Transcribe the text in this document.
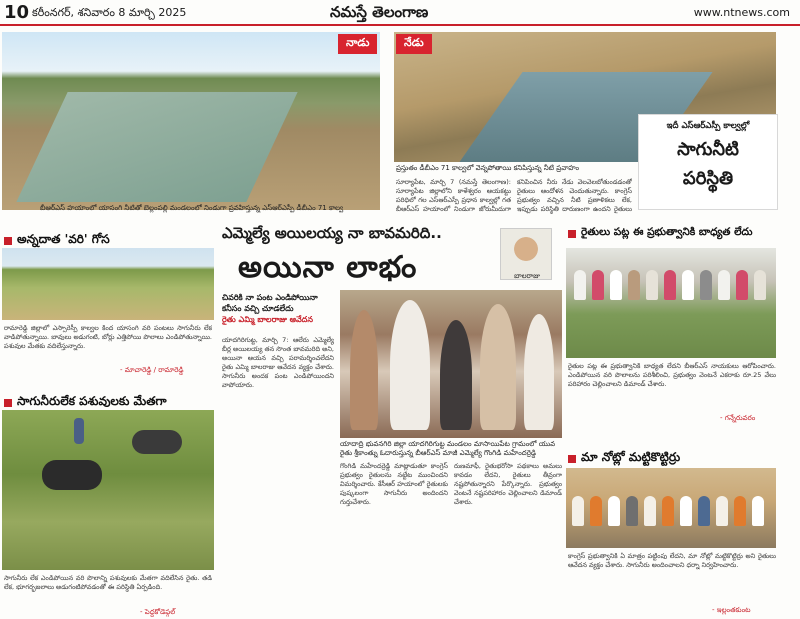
10 కరీంనగర్, శనివారం 8 మార్చి 2025	నమస్తే తెలంగాణ	www.ntnews.com
నాడు
బీఆర్ఎస్ హయాంలో యాసంగి నీటితో బెల్లంపల్లి మండలంలో నిండుగా ప్రవహిస్తున్న ఎస్ఆర్ఎస్పీ డీబీఎం 71 కాల్వ
నేడు
ప్రస్తుతం డీబీఎం 71 కాల్వలో వెన్నపోతాయి కనిపిస్తున్న నీటి ప్రవాహం
సూర్యాపేట, మార్చి 7 (నమస్తే తెలంగాణ): సూర్యాపేట జిల్లాలోని కాళేశ్వరం ఆయకట్టు పరిధిలో గల ఎస్ఆర్ఎస్పీ ప్రధాన కాల్వల్లో గత బీఆర్ఎస్ హయాంలో నిండుగా జోరుమీదుగా కనిపించిన నీరు నేడు వెలవెలబోతుండడంతో రైతులు ఆందోళన చెందుతున్నారు. కాంగ్రెస్ ప్రభుత్వం వచ్చిన నీటి ప్రణాళికలు లేక, ఇప్పుడు పరిస్థితి దారుణంగా ఉందని రైతులు
ఇదీ ఎస్ఆర్ఎస్పీ కాల్వల్లో
సాగునీటి
పరిస్థితి
అన్నదాత 'వరి' గోస
రామారెడ్డి జిల్లాలో ఎస్సారెస్పీ కాల్వల కింద యాసంగి వరి పంటలు సాగునీరు లేక వాడిపోతున్నాయి. బావులు అడుగంటి, బోర్లు ఎత్తిపోయి పొలాలు ఎండిపోతున్నాయి. పశువుల మేతకు వదిలేస్తున్నారు.
- మాచారెడ్డి / రామారెడ్డి
సాగునీరులేక పశువులకు మేతగా
సాగునీరు లేక ఎండిపోయిన వరి పొలాన్ని పశువులకు మేతగా వదిలేసిన రైతు. తడి లేక, భూగర్భజలాలు అడుగంటిపోవడంతో ఈ పరిస్థితి ఏర్పడింది.
- పెద్దకోడెప్గల్
ఎమ్మెల్యే అయిలయ్య నా బావమరిది..
అయినా లాభం	బాలరాజు
చివరికి నా పంట ఎండిపోయినా
కనీసం వచ్చి చూడలేదు
రైతు ఎమ్మి బాలరాజు ఆవేదన
యాదగిరిగుట్ట, మార్చి 7: ఆలేరు ఎమ్మెల్యే బీర్ల అయిలయ్య తన సొంత బావమరిది అని, అయినా ఆయన వచ్చి పరామర్శించలేదని రైతు ఎమ్మి బాలరాజు ఆవేదన వ్యక్తం చేశారు. సాగునీరు అందక పంట ఎండిపోయిందని వాపోయారు.
యాదాద్రి భువనగిరి జిల్లా యాదగిరిగుట్ట మండలం మాసాయిపేట గ్రామంలో యువ రైతు శ్రీకాంత్ను ఓదారుస్తున్న బీఆర్ఎస్ మాజీ ఎమ్మెల్యే గొంగిడి మహేందర్రెడ్డి
గొంగిడి మహేందర్రెడ్డి మాట్లాడుతూ కాంగ్రెస్ ప్రభుత్వం రైతులను నట్టేట ముంచిందని విమర్శించారు. కేసీఆర్ హయాంలో రైతులకు పుష్కలంగా సాగునీరు అందిందని గుర్తుచేశారు.
రుణమాఫీ, రైతుభరోసా పథకాలు అమలు కావడం లేదని, రైతులు తీవ్రంగా నష్టపోతున్నారని పేర్కొన్నారు. ప్రభుత్వం వెంటనే నష్టపరిహారం చెల్లించాలని డిమాండ్ చేశారు.
రైతులు పట్ల ఈ ప్రభుత్వానికి బాధ్యత లేదు
రైతుల పట్ల ఈ ప్రభుత్వానికి బాధ్యత లేదని బీఆర్ఎస్ నాయకులు ఆరోపించారు. ఎండిపోయిన వరి పొలాలను పరిశీలించి, ప్రభుత్వం వెంటనే ఎకరాకు రూ.25 వేలు పరిహారం చెల్లించాలని డిమాండ్ చేశారు.
- గన్నేరువరం
మా నోట్లో మట్టికొట్టిర్రు
కాంగ్రెస్ ప్రభుత్వానికి ఏ మాత్రం పట్టింపు లేదని, మా నోట్లో మట్టికొట్టిర్రు అని రైతులు ఆవేదన వ్యక్తం చేశారు. సాగునీరు అందించాలని ధర్నా నిర్వహించారు.
- ఇల్లంతకుంట
